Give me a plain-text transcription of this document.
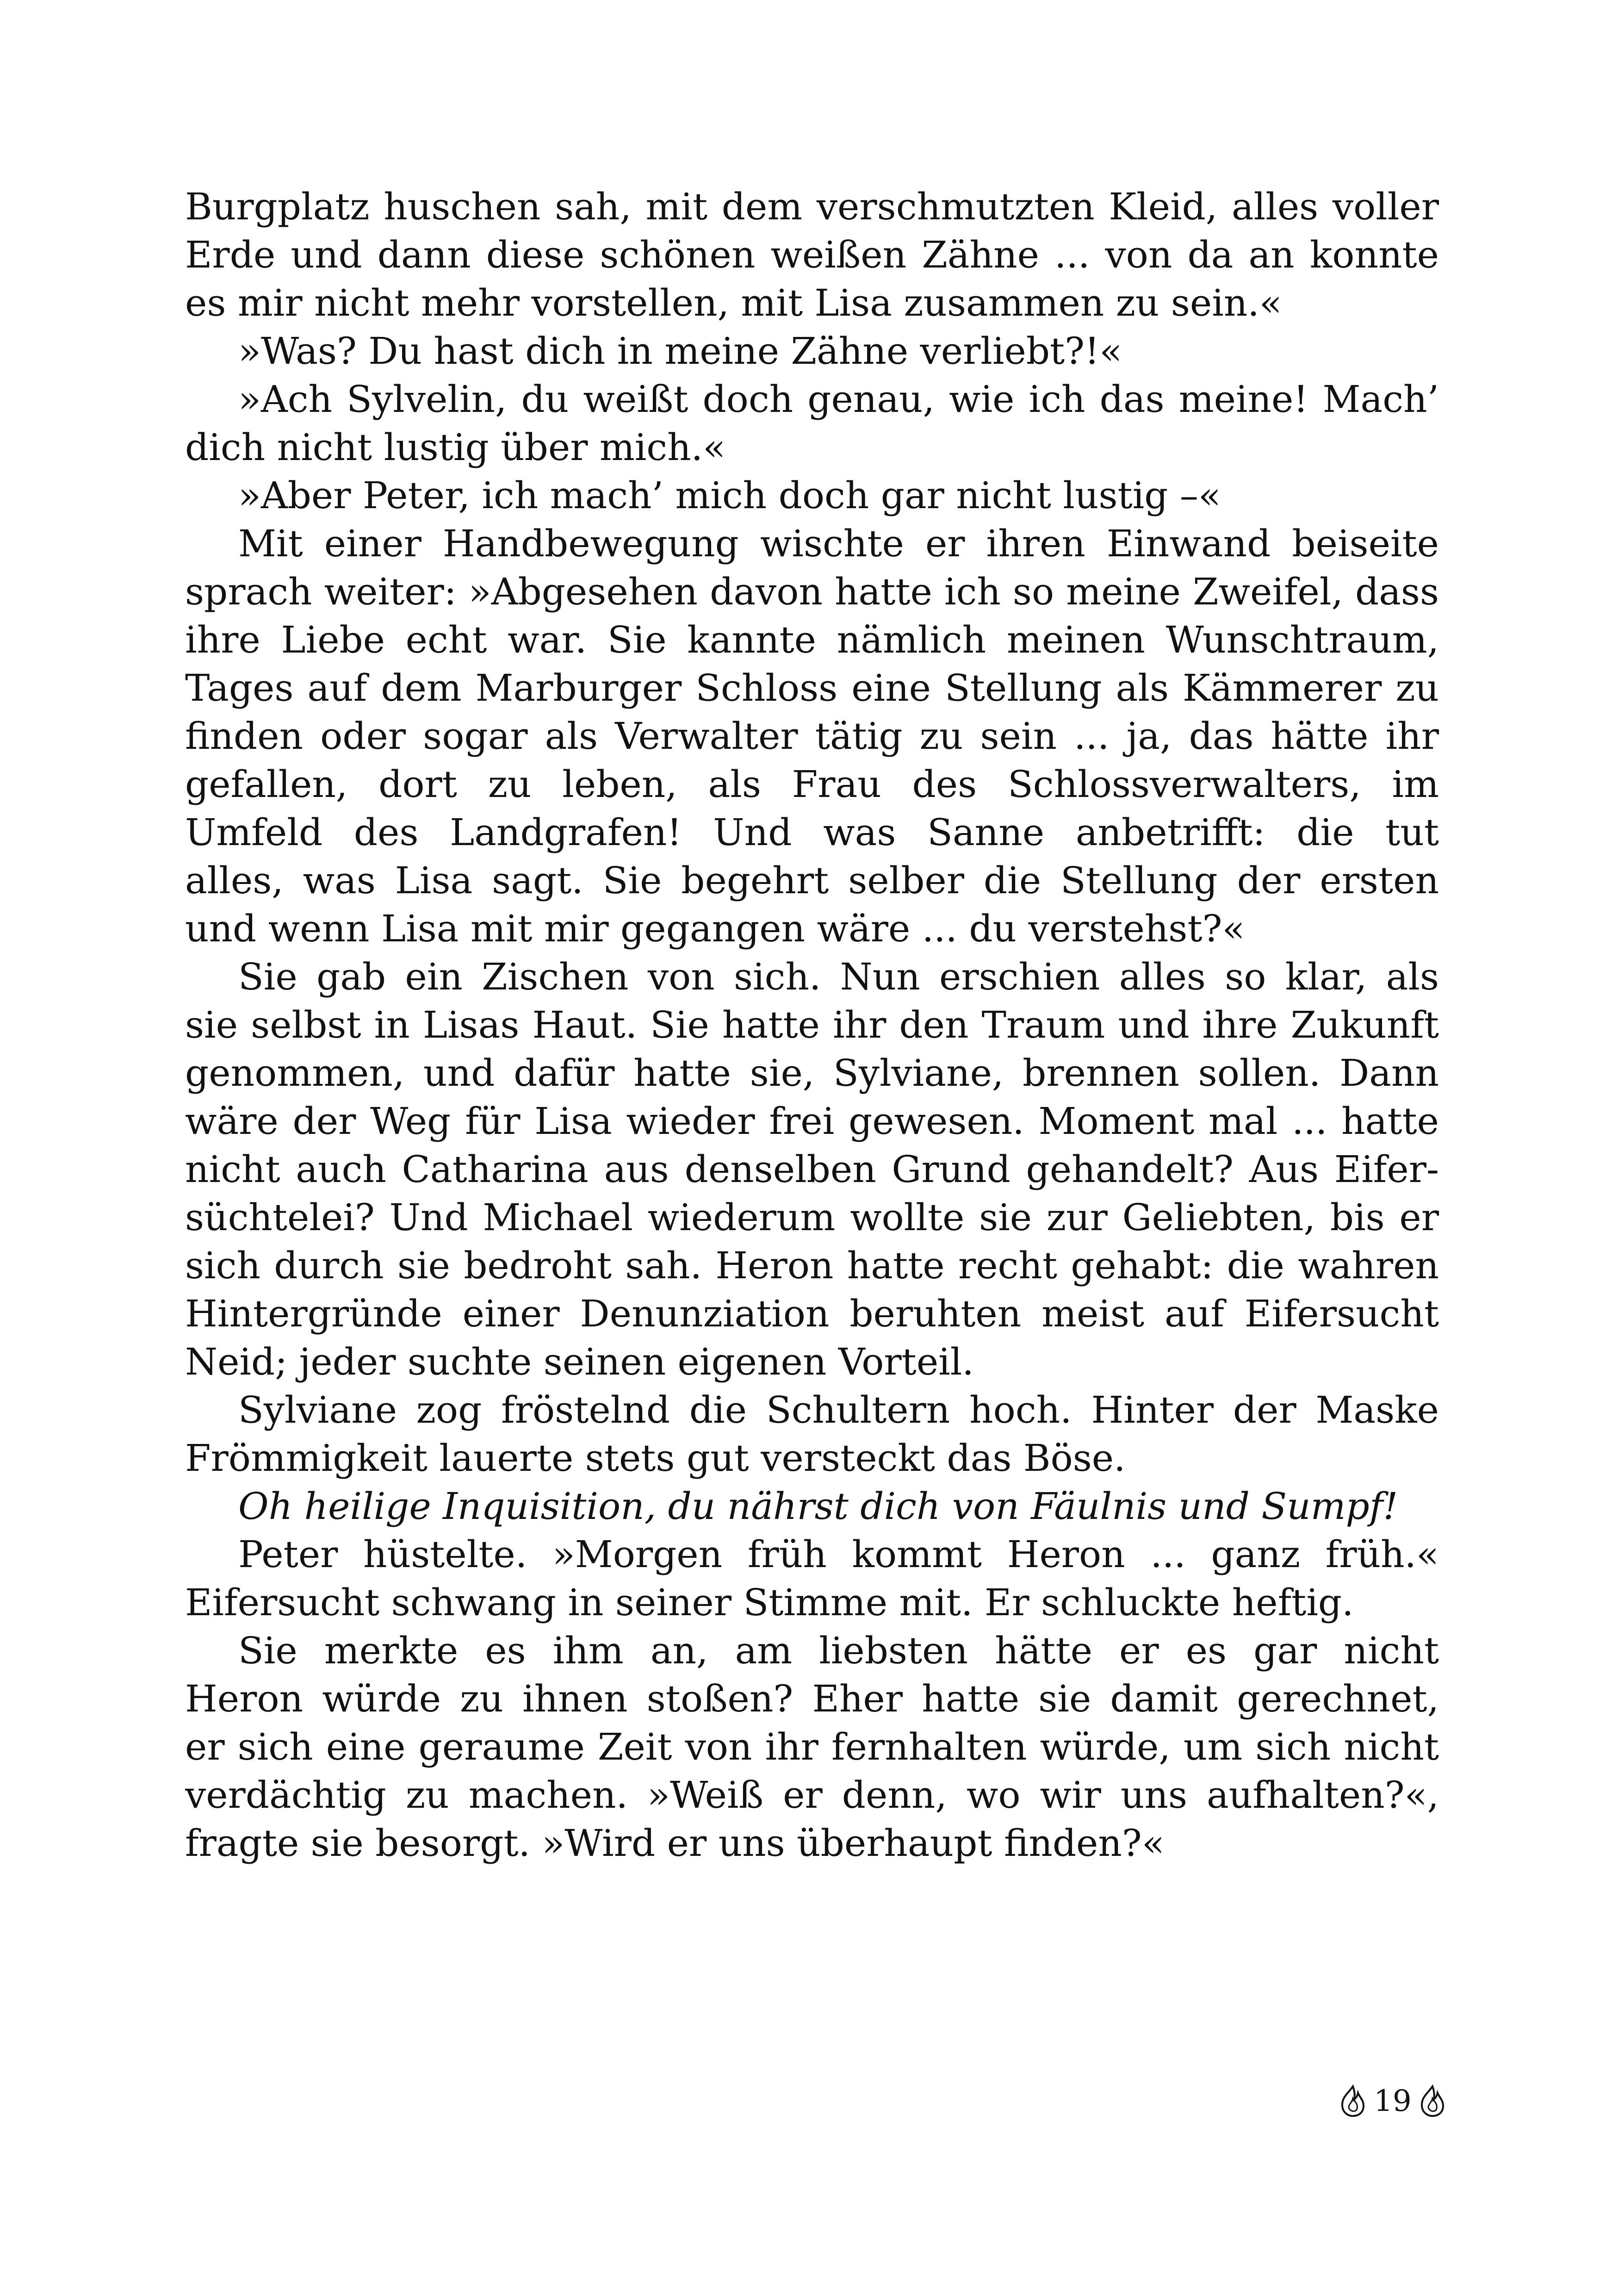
Burgplatz huschen sah, mit dem verschmutzten Kleid, alles voller
Erde und dann diese schönen weißen Zähne ... von da an konnte
es mir nicht mehr vorstellen, mit Lisa zusammen zu sein.«
»Was? Du hast dich in meine Zähne verliebt?!«
»Ach Sylvelin, du weißt doch genau, wie ich das meine! Mach’
dich nicht lustig über mich.«
»Aber Peter, ich mach’ mich doch gar nicht lustig –«
Mit einer Handbewegung wischte er ihren Einwand beiseite
sprach weiter: »Abgesehen davon hatte ich so meine Zweifel, dass
ihre Liebe echt war. Sie kannte nämlich meinen Wunschtraum,
Tages auf dem Marburger Schloss eine Stellung als Kämmerer zu
finden oder sogar als Verwalter tätig zu sein ... ja, das hätte ihr
gefallen, dort zu leben, als Frau des Schlossverwalters, im
Umfeld des Landgrafen! Und was Sanne anbetrifft: die tut
alles, was Lisa sagt. Sie begehrt selber die Stellung der ersten
und wenn Lisa mit mir gegangen wäre ... du verstehst?«
Sie gab ein Zischen von sich. Nun erschien alles so klar, als
sie selbst in Lisas Haut. Sie hatte ihr den Traum und ihre Zukunft
genommen, und dafür hatte sie, Sylviane, brennen sollen. Dann
wäre der Weg für Lisa wieder frei gewesen. Moment mal ... hatte
nicht auch Catharina aus denselben Grund gehandelt? Aus Eifer-
süchtelei? Und Michael wiederum wollte sie zur Geliebten, bis er
sich durch sie bedroht sah. Heron hatte recht gehabt: die wahren
Hintergründe einer Denunziation beruhten meist auf Eifersucht
Neid; jeder suchte seinen eigenen Vorteil.
Sylviane zog fröstelnd die Schultern hoch. Hinter der Maske
Frömmigkeit lauerte stets gut versteckt das Böse.
Oh heilige Inquisition, du nährst dich von Fäulnis und Sumpf!
Peter hüstelte. »Morgen früh kommt Heron ... ganz früh.«
Eifersucht schwang in seiner Stimme mit. Er schluckte heftig.
Sie merkte es ihm an, am liebsten hätte er es gar nicht
Heron würde zu ihnen stoßen? Eher hatte sie damit gerechnet,
er sich eine geraume Zeit von ihr fernhalten würde, um sich nicht
verdächtig zu machen. »Weiß er denn, wo wir uns aufhalten?«,
fragte sie besorgt. »Wird er uns überhaupt finden?«
19
